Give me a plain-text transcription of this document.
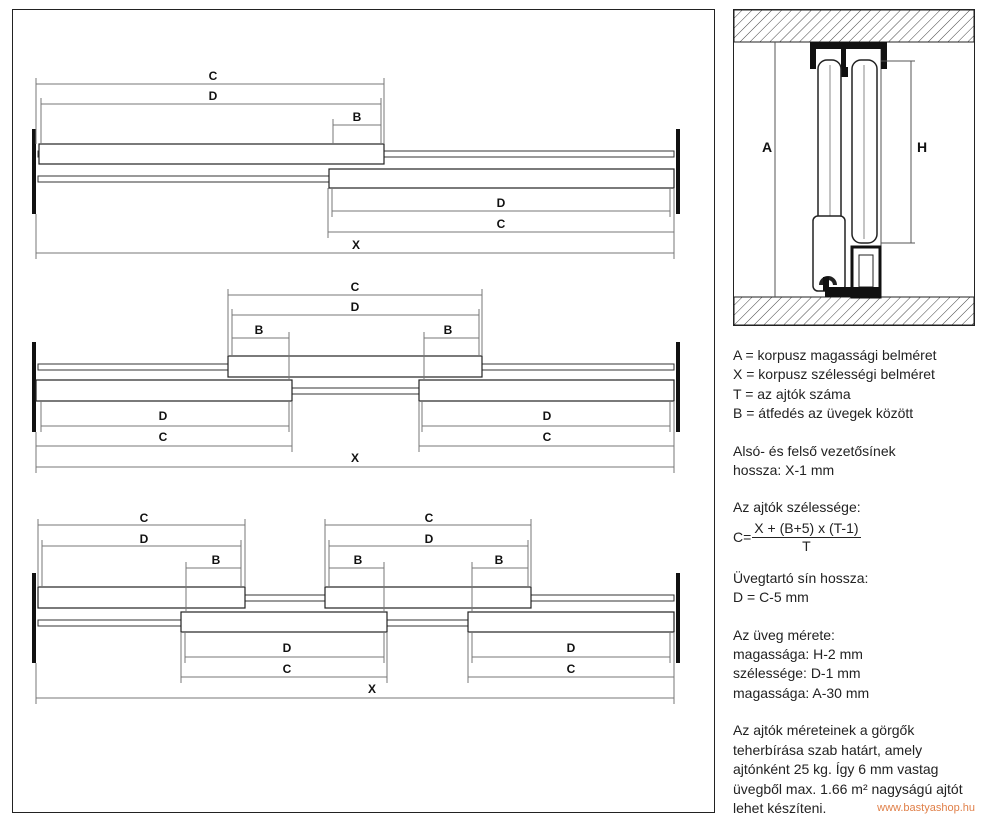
C
D
B
D
C
X
C
D
B	B
D
C
D
C
X
C
D
B
C
D
B	B
D
C
D
C
X
A	H

A = korpusz magassági belméret

X = korpusz szélességi belméret

T = az ajtók száma

B = átfedés az üvegek között

Alsó- és felső vezetősínek

hossza: X-1 mm

Az ajtók szélessége:

$C= \frac{X + (B+5) x (T-1)}{T}$

Üvegtartó sín hossza:

D = C-5 mm

Az üveg mérete:

magassága: H-2 mm

szélessége: D-1 mm

magassága: A-30 mm

Az ajtók méreteinek a görgők

teherbírása szab határt, amely

ajtónként 25 kg. Így 6 mm vastag

üvegből max. 1.66 m² nagyságú ajtót

lehet készíteni.	www.bastyashop.hu
